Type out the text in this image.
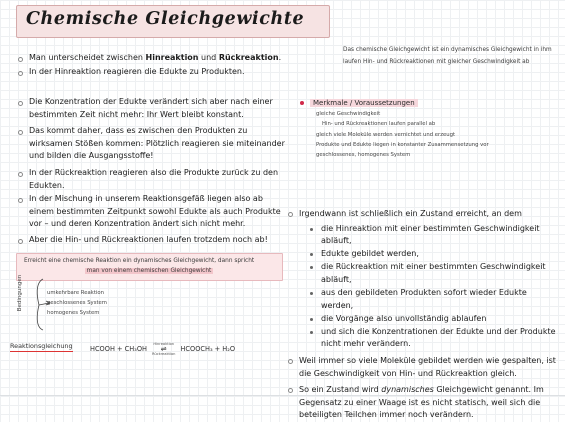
Chemische Gleichgewichte
Das chemische Gleichgewicht ist ein dynamisches Gleichgewicht in ihm laufen Hin- und Rückreaktionen mit gleicher Geschwindigkeit ab
Man unterscheidet zwischen Hinreaktion und Rückreaktion.
In der Hinreaktion reagieren die Edukte zu Produkten.
Die Konzentration der Edukte verändert sich aber nach einer bestimmten Zeit nicht mehr: Ihr Wert bleibt konstant.
Das kommt daher, dass es zwischen den Produkten zu wirksamen Stößen kommen: Plötzlich reagieren sie miteinander und bilden die Ausgangsstoffe!
In der Rückreaktion reagieren also die Produkte zurück zu den Edukten.
In der Mischung in unserem Reaktionsgefäß liegen also ab einem bestimmten Zeitpunkt sowohl Edukte als auch Produkte vor – und deren Konzentration ändert sich nicht mehr.
Aber die Hin- und Rückreaktionen laufen trotzdem noch ab!
Merkmale / Voraussetzungen
gleiche Geschwindigkeit
Hin- und Rückreaktionen laufen parallel ab
gleich viele Moleküle werden vernichtet und erzeugt
Produkte und Edukte liegen in konstanter Zusammensetzung vor
geschlossenes, homogenes System
Irgendwann ist schließlich ein Zustand erreicht, an dem
die Hinreaktion mit einer bestimmten Geschwindigkeit abläuft,
Edukte gebildet werden,
die Rückreaktion mit einer bestimmten Geschwindigkeit abläuft,
aus den gebildeten Produkten sofort wieder Edukte werden,
die Vorgänge also unvollständig ablaufen
und sich die Konzentrationen der Edukte und der Produkte nicht mehr verändern.
Weil immer so viele Moleküle gebildet werden wie gespalten, ist die Geschwindigkeit von Hin- und Rückreaktion gleich.
So ein Zustand wird dynamisches Gleichgewicht genannt. Im Gegensatz zu einer Waage ist es nicht statisch, weil sich die beteiligten Teilchen immer noch verändern.
Erreicht eine chemische Reaktion ein dynamisches Gleichgewicht, dann spricht
man von einem chemischen Gleichgewicht
Bedingungen	umkehrbare Reaktion
geschlossenes System
homogenes System
Reaktionsgleichung	HCOOH + CH₃OH
Hinreaktion
⇌
Rückreaktion
HCOOCH₃ + H₂O
